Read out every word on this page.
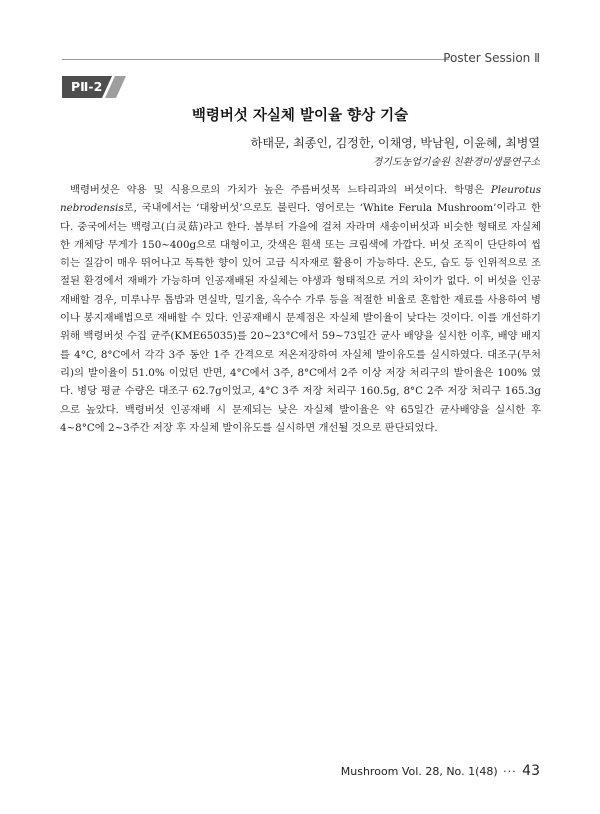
Poster Session Ⅱ
PⅡ-2
백령버섯 자실체 발이율 향상 기술
하태문, 최종인, 김정한, 이채영, 박남원, 이윤혜, 최병열
경기도농업기술원 친환경미생물연구소

백령버섯은 약용 및 식용으로의 가치가 높은 주름버섯목 느타리과의 버섯이다. 학명은 Pleurotus nebrodensis로, 국내에서는 ‘대왕버섯’으로도 불린다. 영어로는 ‘White Ferula Mushroom’이라고 한다. 중국에서는 백령고(白灵菇)라고 한다. 봄부터 가을에 걸쳐 자라며 새송이버섯과 비슷한 형태로 자실체 한 개체당 무게가 150∼400g으로 대형이고, 갓색은 흰색 또는 크림색에 가깝다. 버섯 조직이 단단하여 씹히는 질감이 매우 뛰어나고 독특한 향이 있어 고급 식자재로 활용이 가능하다. 온도, 습도 등 인위적으로 조절된 환경에서 재배가 가능하며 인공재배된 자실체는 야생과 형태적으로 거의 차이가 없다. 이 버섯을 인공재배할 경우, 미루나무 톱밥과 면실박, 밀기울, 옥수수 가루 등을 적절한 비율로 혼합한 재료를 사용하여 병이나 봉지재배법으로 재배할 수 있다. 인공재배시 문제점은 자실체 발이율이 낮다는 것이다. 이를 개선하기 위해 백령버섯 수집 균주(KME65035)를 20∼23°C에서 59∼73일간 균사 배양을 실시한 이후, 배양 배지를 4°C, 8°C에서 각각 3주 동안 1주 간격으로 저온저장하여 자실체 발이유도를 실시하였다. 대조구(무처리)의 발이율이 51.0% 이었던 반면, 4°C에서 3주, 8°C에서 2주 이상 저장 처리구의 발이율은 100% 였다. 병당 평균 수량은 대조구 62.7g이었고, 4°C 3주 저장 처리구 160.5g, 8°C 2주 저장 처리구 165.3g으로 높았다. 백령버섯 인공재배 시 문제되는 낮은 자실체 발이율은 약 65일간 균사배양을 실시한 후 4∼8°C에 2∼3주간 저장 후 자실체 발이유도를 실시하면 개선될 것으로 판단되었다.

Mushroom Vol. 28, No. 1(48) ··· 43
